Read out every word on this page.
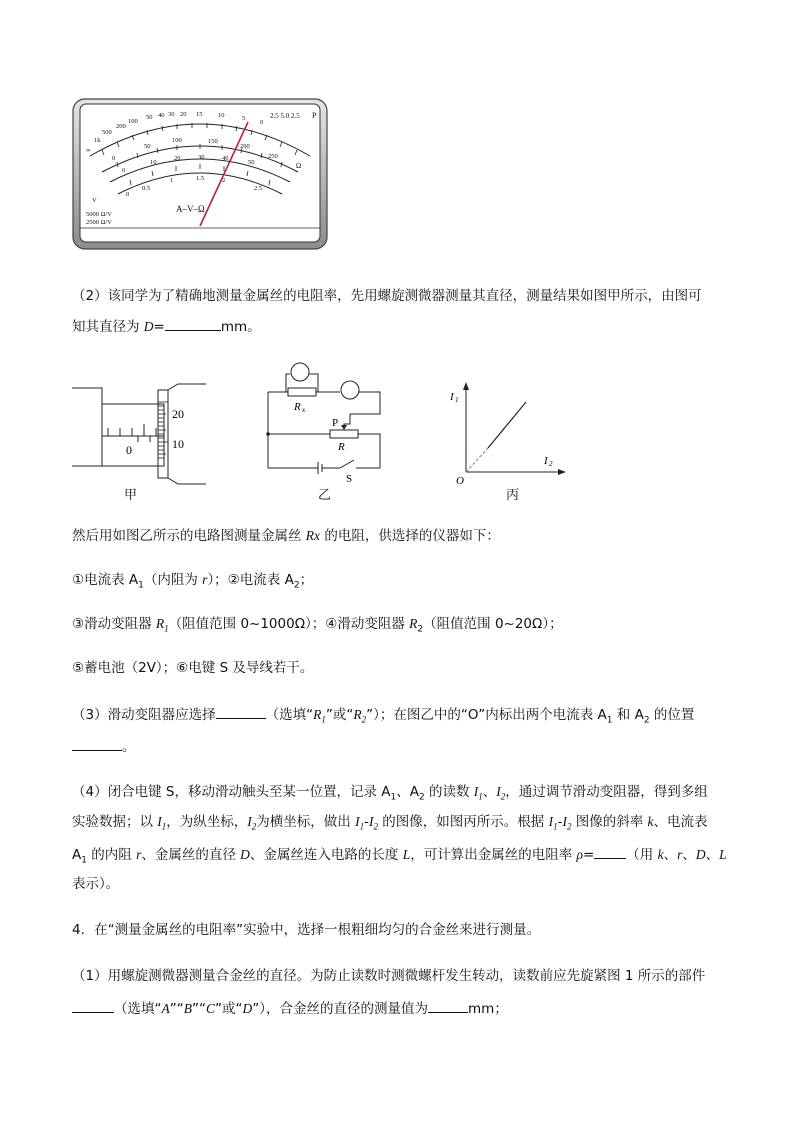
∞
1k
500
200
100
50 40 30 20 15 10	5
0
0
50
100	150
200
250
0
10
20	30	40
50
0
0.5
1	1.5	2
2.5
2.5 5.0 2.5 P
Ω
V
A–V–Ω
5000 Ω/V
2500 Ω/V
（2）该同学为了精确地测量金属丝的电阻率，先用螺旋测微器测量其直径，测量结果如图甲所示，由图可
知其直径为 D=	mm。
20
10
0
甲
R x
R
P
S
乙
I 1
I 2
O
丙
然后用如图乙所示的电路图测量金属丝 Rx 的电阻，供选择的仪器如下：
①电流表 $A_1$（内阻为 r）；②电流表 $A_2$；
③滑动变阻器 $R_1$（阻值范围 0~1000Ω）；④滑动变阻器 $R_2$（阻值范围 0~20Ω）；
⑤蓄电池（2V）；⑥电键 S 及导线若干。
（3）滑动变阻器应选择	（选填“$R_1$”或“$R_2$”）；在图乙中的“O”内标出两个电流表 $A_1$ 和 $A_2$ 的位置
。
（4）闭合电键 S，移动滑动触头至某一位置，记录 $A_1$、$A_2$ 的读数 $I_1$、$I_2$，通过调节滑动变阻器，得到多组
实验数据；以 $I_1$，为纵坐标，$I_2$为横坐标，做出 $I_1-I_2$ 的图像，如图丙所示。根据 $I_1-I_2$ 图像的斜率 k、电流表
$A_1$ 的内阻 r、金属丝的直径 D、金属丝连入电路的长度 L，可计算出金属丝的电阻率 ρ= （用 k、r、D、L
表示）。
4．在“测量金属丝的电阻率”实验中，选择一根粗细均匀的合金丝来进行测量。
（1）用螺旋测微器测量合金丝的直径。为防止读数时测微螺杆发生转动，读数前应先旋紧图 1 所示的部件
（选填“A”“B”“C”或“D”），合金丝的直径的测量值为	mm；
